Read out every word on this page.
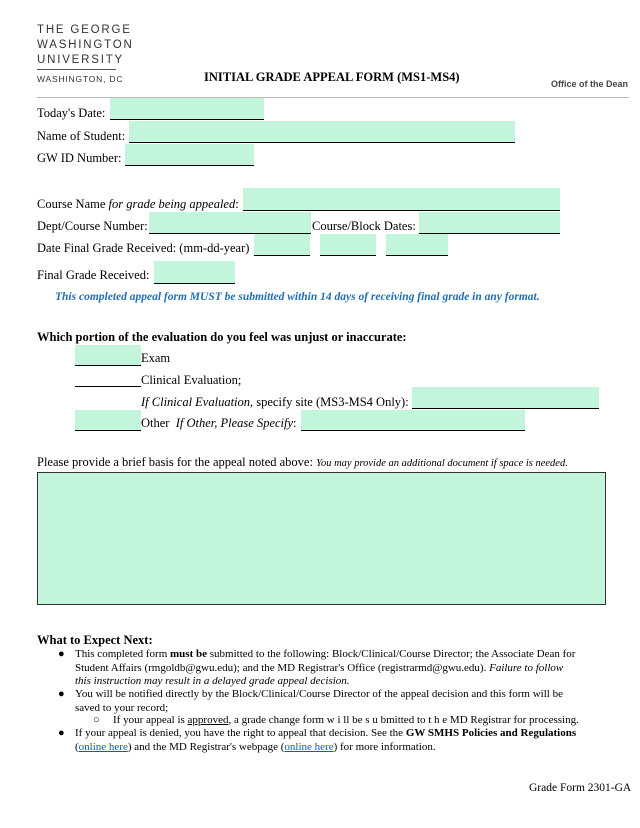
THE GEORGE
WASHINGTON
UNIVERSITY
WASHINGTON, DC	INITIAL GRADE APPEAL FORM (MS1-MS4)	Office of the Dean
Today's Date:
Name of Student:
GW ID Number:
Course Name for grade being appealed:
Dept/Course Number:	Course/Block Dates:
Date Final Grade Received: (mm-dd-year)
Final Grade Received:
This completed appeal form MUST be submitted within 14 days of receiving final grade in any format.
Which portion of the evaluation do you feel was unjust or inaccurate:
Exam
Clinical Evaluation;
If Clinical Evaluation, specify site (MS3-MS4 Only):
Other If Other, Please Specify:
Please provide a brief basis for the appeal noted above: You may provide an additional document if space is needed.
What to Expect Next:
● This completed form must be submitted to the following: Block/Clinical/Course Director; the Associate Dean for
Student Affairs (rmgoldb@gwu.edu); and the MD Registrar's Office (registrarmd@gwu.edu). Failure to follow
this instruction may result in a delayed grade appeal decision.
● You will be notified directly by the Block/Clinical/Course Director of the appeal decision and this form will be
saved to your record;
○ If your appeal is approved, a grade change form w i ll be s u bmitted to t h e MD Registrar for processing.
● If your appeal is denied, you have the right to appeal that decision. See the GW SMHS Policies and Regulations
(online here) and the MD Registrar's webpage (online here) for more information.
Grade Form 2301-GA
